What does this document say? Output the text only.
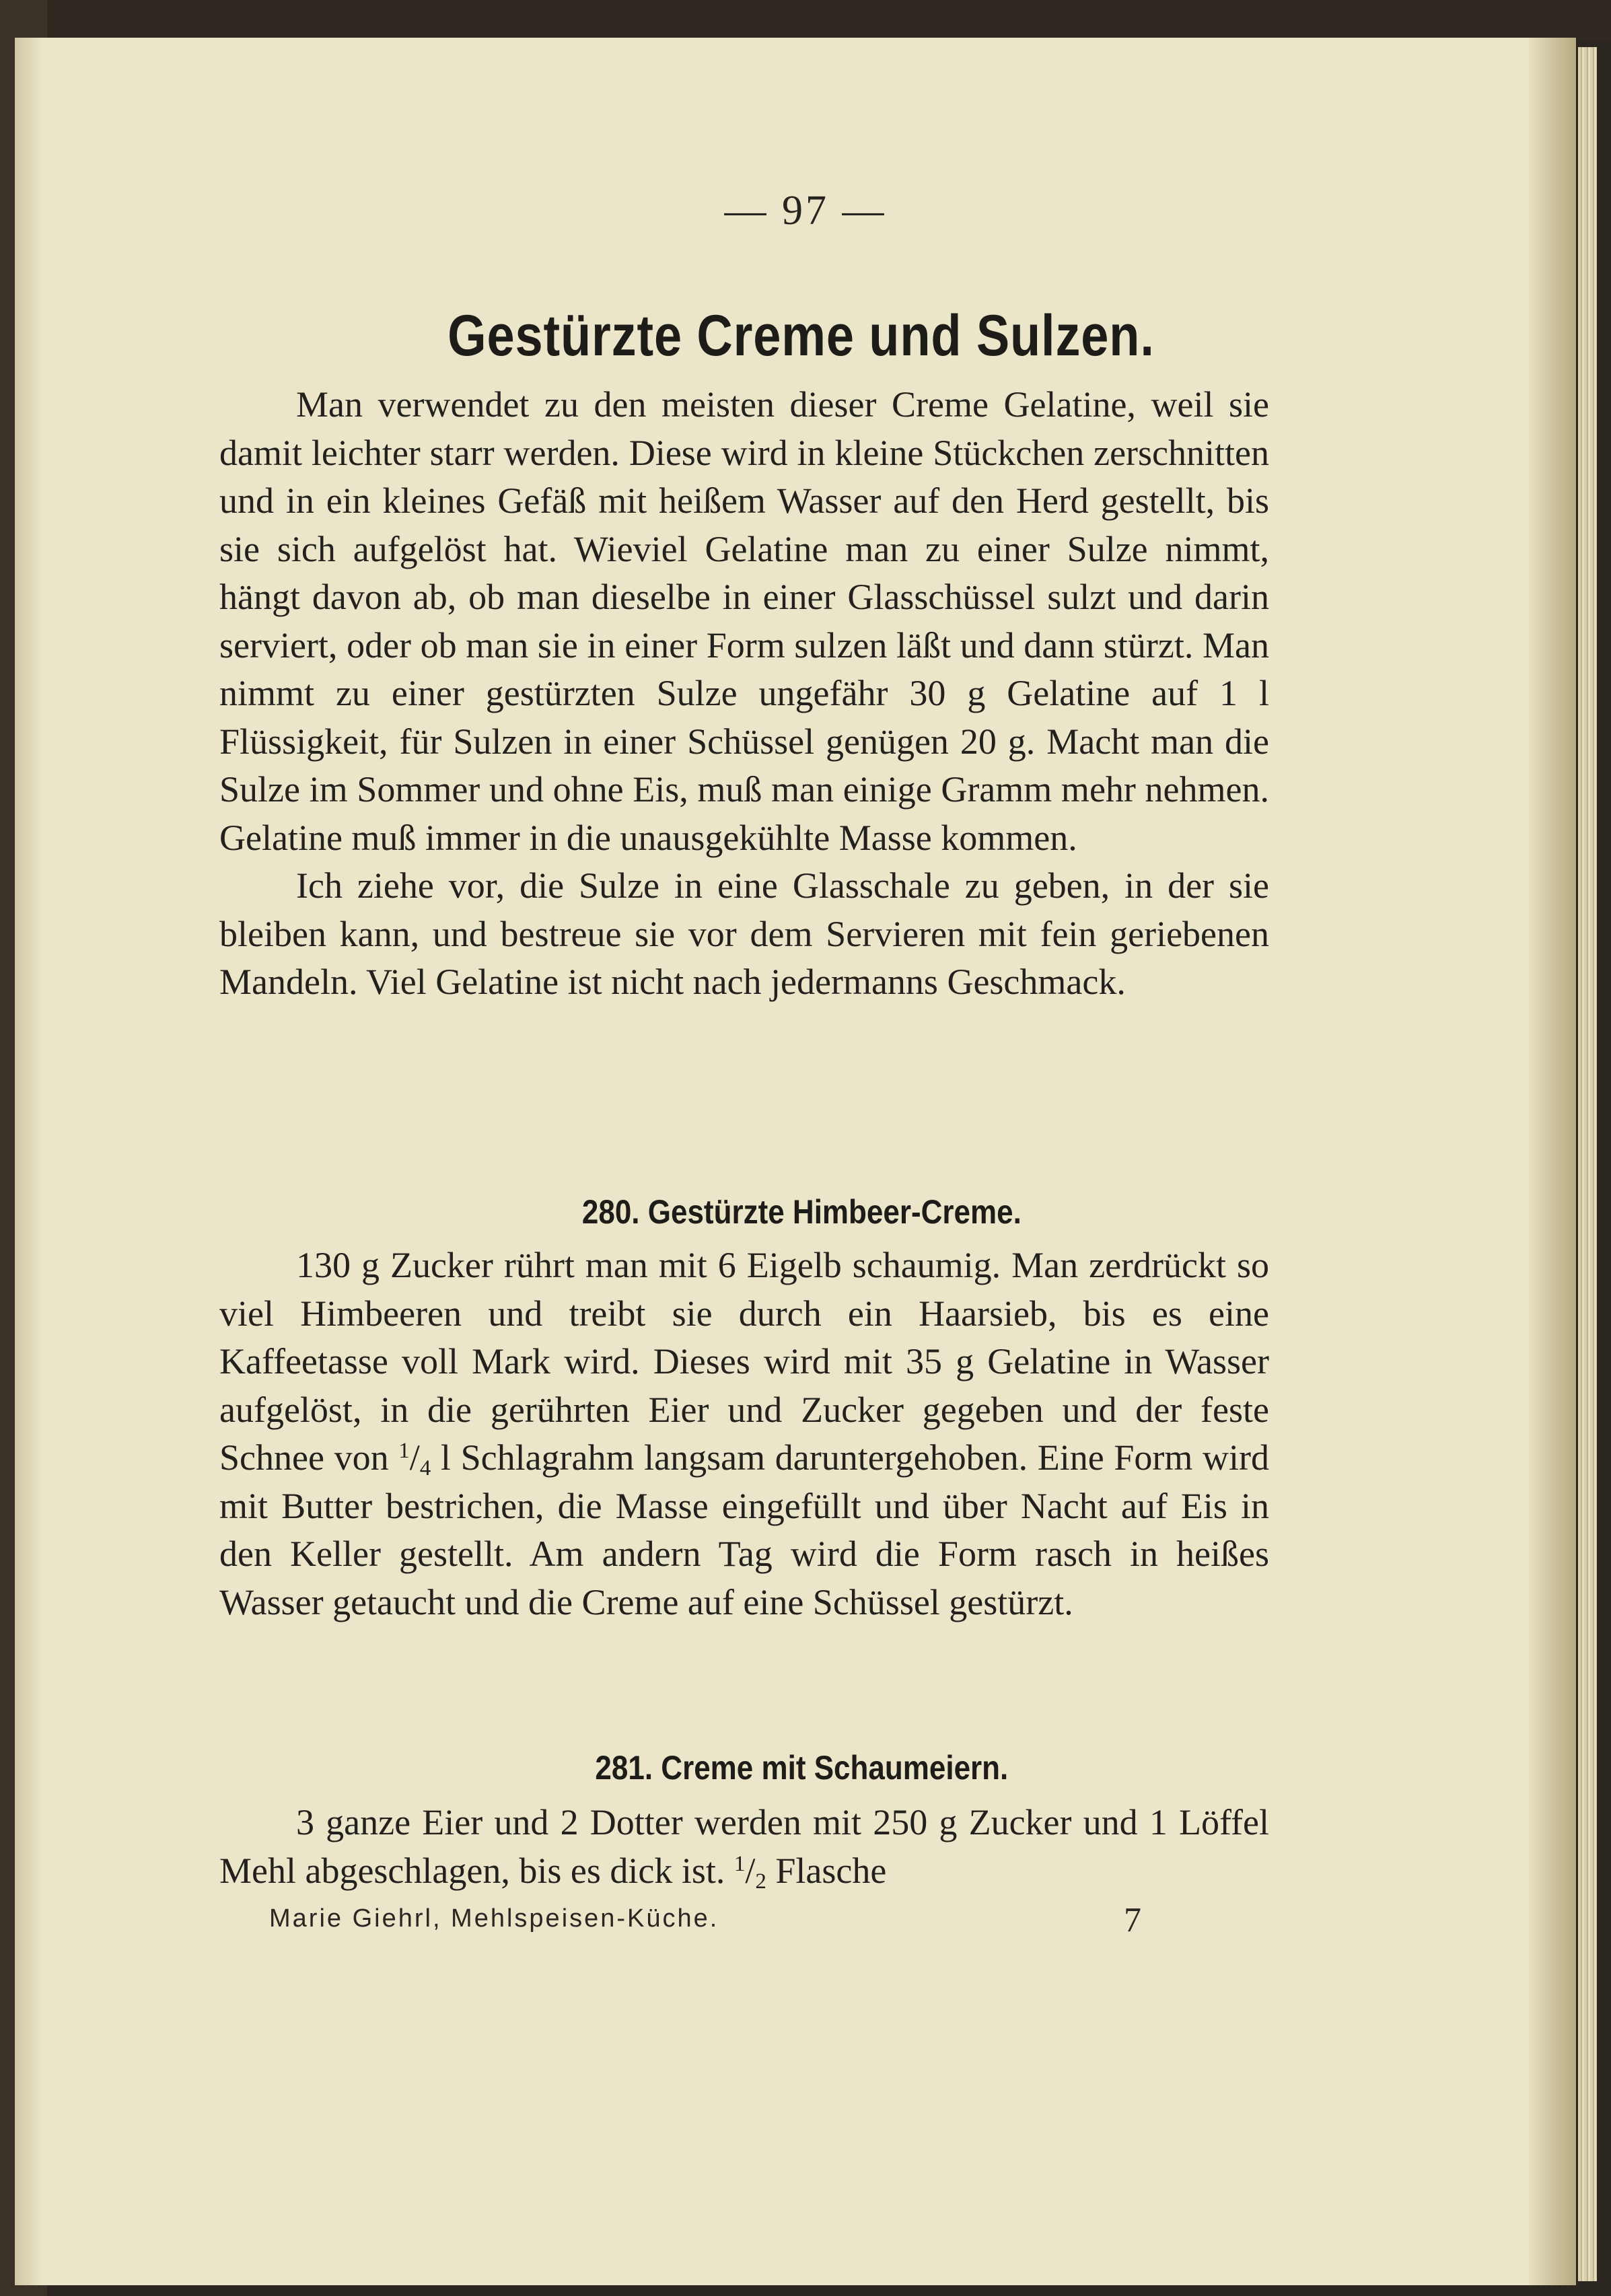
— 97 —
Gestürzte Creme und Sulzen.

Man verwendet zu den meisten dieser Creme Gelatine, weil sie damit leichter starr werden. Diese wird in kleine Stückchen zerschnitten und in ein kleines Gefäß mit heißem Wasser auf den Herd gestellt, bis sie sich aufgelöst hat. Wieviel Gelatine man zu einer Sulze nimmt, hängt davon ab, ob man dieselbe in einer Glasschüssel sulzt und darin serviert, oder ob man sie in einer Form sulzen läßt und dann stürzt. Man nimmt zu einer gestürzten Sulze ungefähr 30 g Gelatine auf 1 l Flüssigkeit, für Sulzen in einer Schüssel genügen 20 g. Macht man die Sulze im Sommer und ohne Eis, muß man einige Gramm mehr nehmen. Gelatine muß immer in die unausgekühlte Masse kommen.

Ich ziehe vor, die Sulze in eine Glasschale zu geben, in der sie bleiben kann, und bestreue sie vor dem Servieren mit fein geriebenen Mandeln. Viel Gelatine ist nicht nach jedermanns Geschmack.

280. Gestürzte Himbeer-Creme.

130 g Zucker rührt man mit 6 Eigelb schaumig. Man zerdrückt so viel Himbeeren und treibt sie durch ein Haarsieb, bis es eine Kaffeetasse voll Mark wird. Dieses wird mit 35 g Gelatine in Wasser aufgelöst, in die gerührten Eier und Zucker gegeben und der feste Schnee von $^1/_4$ l Schlagrahm langsam daruntergehoben. Eine Form wird mit Butter bestrichen, die Masse eingefüllt und über Nacht auf Eis in den Keller gestellt. Am andern Tag wird die Form rasch in heißes Wasser getaucht und die Creme auf eine Schüssel gestürzt.

281. Creme mit Schaumeiern.

3 ganze Eier und 2 Dotter werden mit 250 g Zucker und 1 Löffel Mehl abgeschlagen, bis es dick ist. $^1/_2$ Flasche

Marie Giehrl, Mehlspeisen-Küche.	7
